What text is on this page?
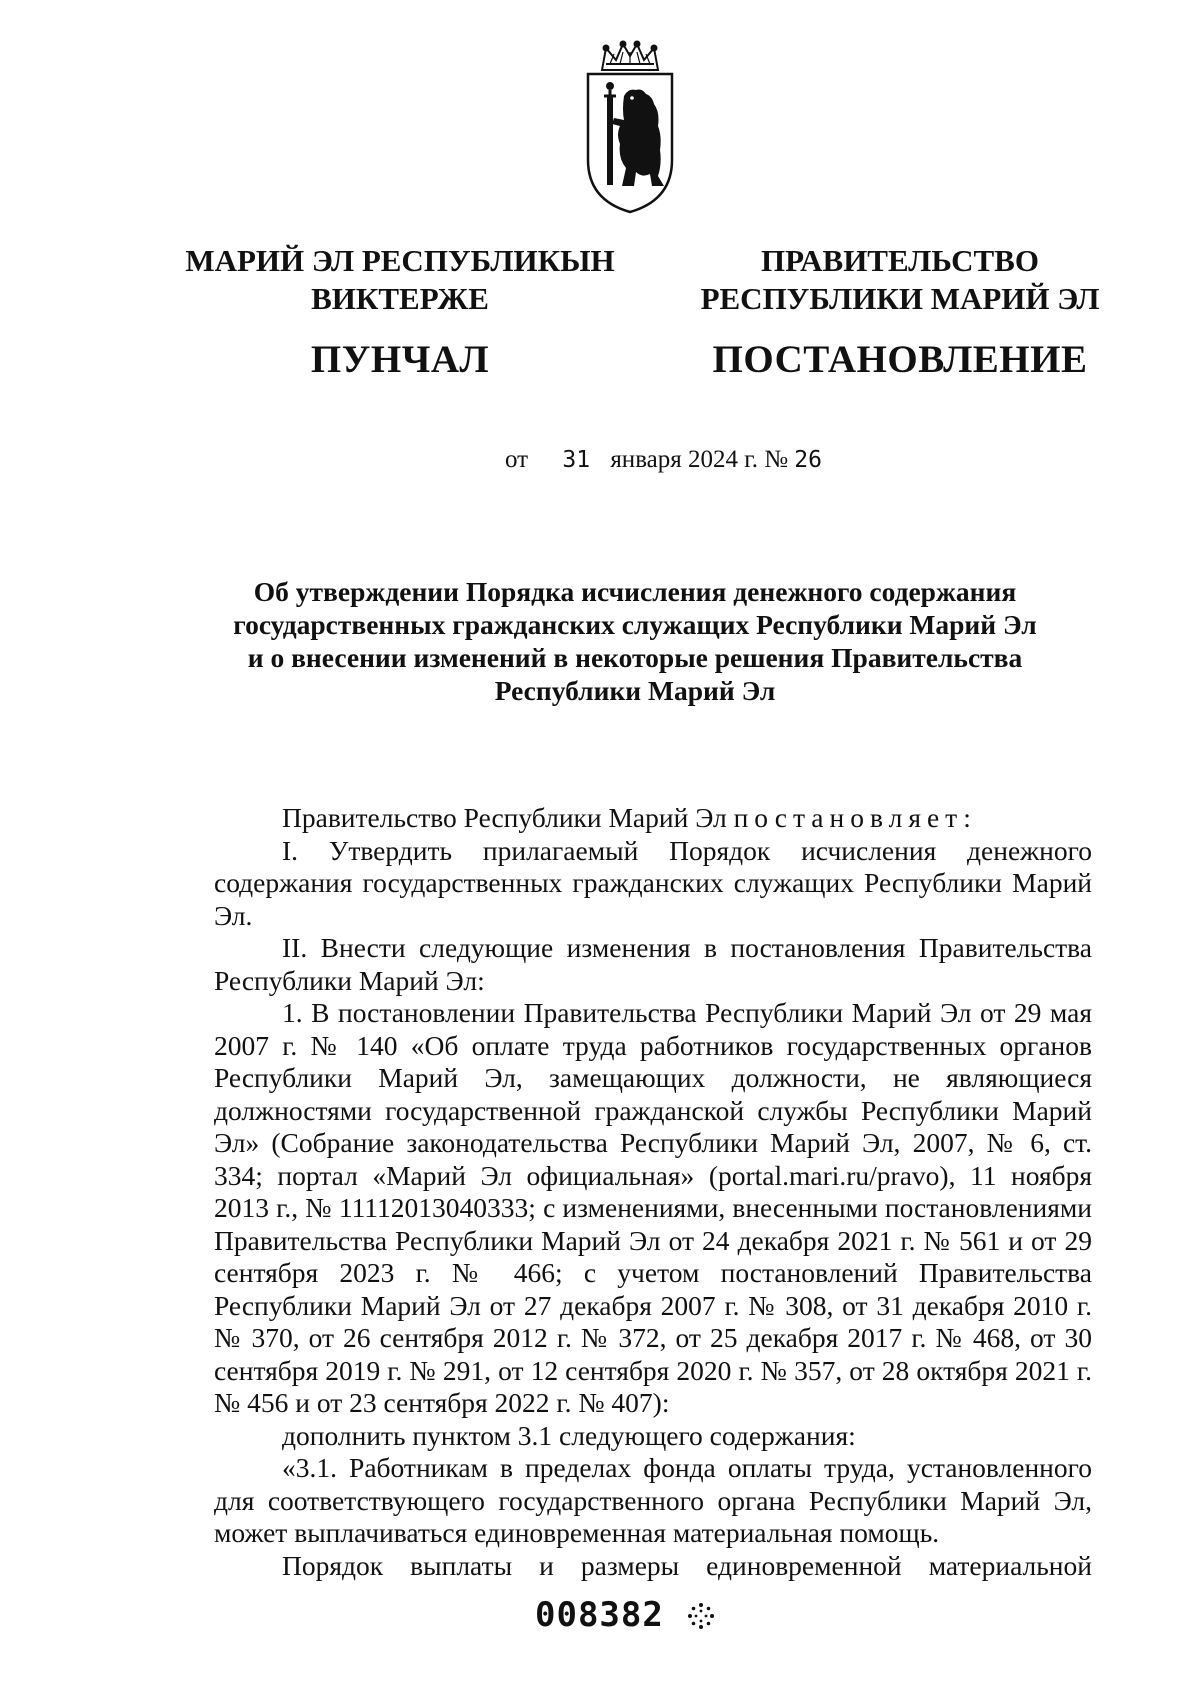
МАРИЙ ЭЛ РЕСПУБЛИКЫН
ВИКТЕРЖЕ
ПУНЧАЛ
ПРАВИТЕЛЬСТВО
РЕСПУБЛИКИ МАРИЙ ЭЛ
ПОСТАНОВЛЕНИЕ
от 31 января 2024 г. № 26
Об утверждении Порядка исчисления денежного содержания
государственных гражданских служащих Республики Марий Эл
и о внесении изменений в некоторые решения Правительства
Республики Марий Эл

Правительство Республики Марий Эл постановляет:

I. Утвердить прилагаемый Порядок исчисления денежного содержания государственных гражданских служащих Республики Марий Эл.

II. Внести следующие изменения в постановления Правительства Республики Марий Эл:

1. В постановлении Правительства Республики Марий Эл от 29 мая 2007 г. № 140 «Об оплате труда работников государственных органов Республики Марий Эл, замещающих должности, не являющиеся должностями государственной гражданской службы Республики Марий Эл» (Собрание законодательства Республики Марий Эл, 2007, № 6, ст. 334; портал «Марий Эл официальная» (portal.mari.ru/pravo), 11 ноября 2013 г., № 11112013040333; с изменениями, внесенными постановлениями Правительства Республики Марий Эл от 24 декабря 2021 г. № 561 и от 29 сентября 2023 г. № 466; с учетом постановлений Правительства Республики Марий Эл от 27 декабря 2007 г. № 308, от 31 декабря 2010 г. № 370, от 26 сентября 2012 г. № 372, от 25 декабря 2017 г. № 468, от 30 сентября 2019 г. № 291, от 12 сентября 2020 г. № 357, от 28 октября 2021 г. № 456 и от 23 сентября 2022 г. № 407):

дополнить пунктом 3.1 следующего содержания:

«3.1. Работникам в пределах фонда оплаты труда, установленного для соответствующего государственного органа Республики Марий Эл, может выплачиваться единовременная материальная помощь.

Порядок выплаты и размеры единовременной материальной

008382
